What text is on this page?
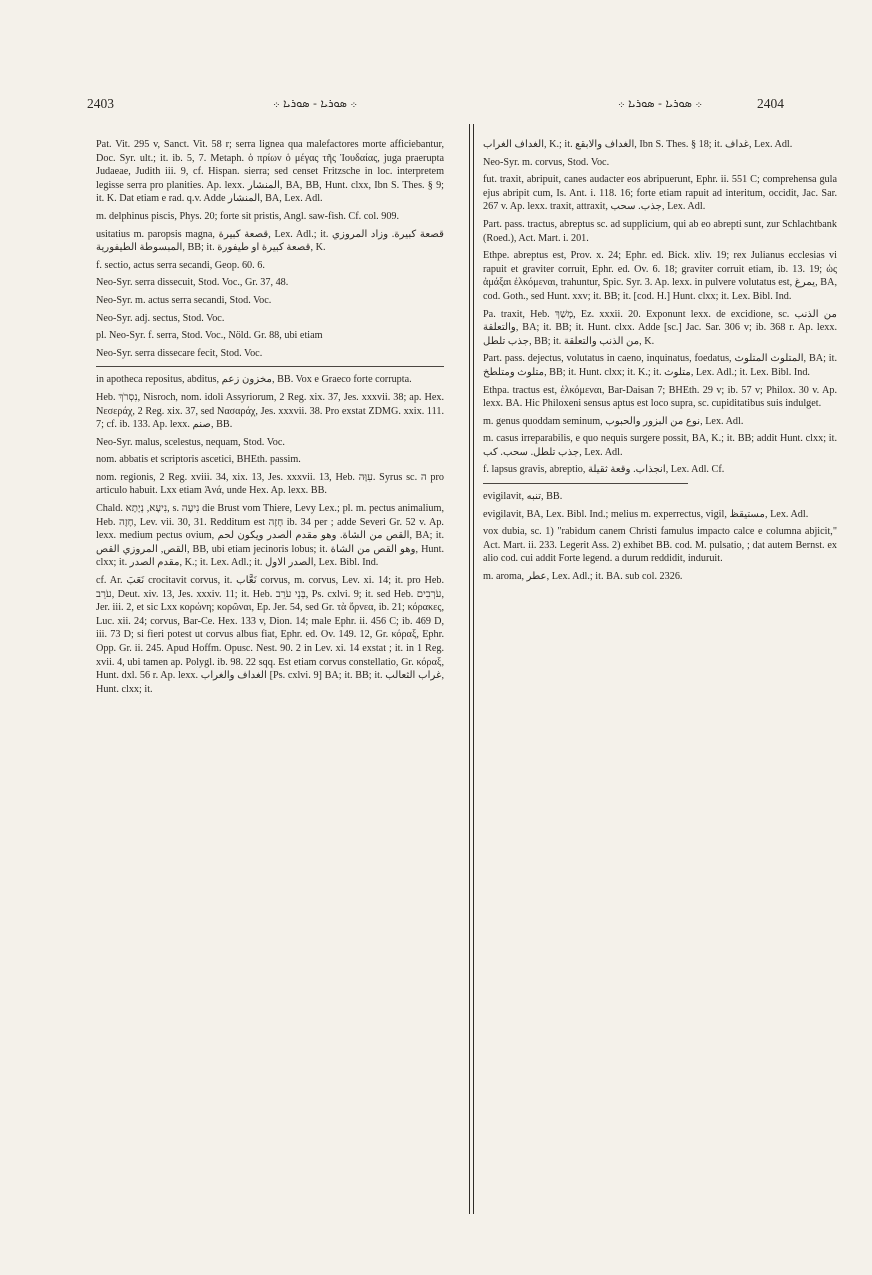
2403	܀ ܣܘܪܝܐ - ܣܘܪܝܐ ܀	܀ ܣܘܪܝܐ - ܣܘܪܝܐ ܀	2404

Pat. Vit. 295 v, Sanct. Vit. 58 r; serra lignea qua malefactores morte afficiebantur, Doc. Syr. ult.; it. ib. 5, 7. Metaph. ὁ πρίων ὁ μέγας τῆς Ἰουδαίας, juga praerupta Judaeae, Judith iii. 9, cf. Hispan. sierra; sed censet Fritzsche in loc. interpretem legisse serra pro planities. Ap. lexx. المنشار, BA, BB, Hunt. clxx, Ibn S. Thes. § 9; it. K. Dat etiam e rad. q.v. Adde المنشار, BA, Lex. Adl.

m. delphinus piscis, Phys. 20; forte sit pristis, Angl. saw-fish. Cf. col. 909.

usitatius m. paropsis magna, قصعة كبيرة, Lex. Adl.; it. قصعة كبيرة. وزاد المروزي المبسوطة الطيفورية, BB; it. قصعة كبيرة او طيفورة, K.

f. sectio, actus serra secandi, Geop. 60. 6.

Neo-Syr. serra dissecuit, Stod. Voc., Gr. 37, 48.

Neo-Syr. m. actus serra secandi, Stod. Voc.

Neo-Syr. adj. sectus, Stod. Voc.

pl. Neo-Syr. f. serra, Stod. Voc., Nöld. Gr. 88, ubi etiam

Neo-Syr. serra dissecare fecit, Stod. Voc.

in apotheca repositus, abditus, مخزون زعم, BB. Vox e Graeco forte corrupta.

Heb. נִסְרֹךְ, Nisroch, nom. idoli Assyriorum, 2 Reg. xix. 37, Jes. xxxvii. 38; ap. Hex. Νεσεράχ, 2 Reg. xix. 37, sed Νασαράχ, Jes. xxxvii. 38. Pro exstat ZDMG. xxix. 111. 7; cf. ib. 133. Ap. lexx. صنم, BB.

Neo-Syr. malus, scelestus, nequam, Stod. Voc.

nom. abbatis et scriptoris ascetici, BHEth. passim.

nom. regionis, 2 Reg. xviii. 34, xix. 13, Jes. xxxvii. 13, Heb. עִוָּה. Syrus sc. ה pro articulo habuit. Lxx etiam Ἀνά, unde Hex. Ap. lexx. BB.

Chald. נִיעָא, נְיָתָא, s. נִיעָה die Brust vom Thiere, Levy Lex.; pl. m. pectus animalium, Heb. חָזֶה, Lev. vii. 30, 31. Redditum est חָזֶה ib. 34 per ; adde Severi Gr. 52 v. Ap. lexx. medium pectus ovium, القص من الشاة. وهو مقدم الصدر ويكون لحم, BA; it. القص, المروزي القص, BB, ubi etiam jecinoris lobus; it. وهو القص من الشاة, Hunt. clxx; it. مقدم الصدر, K.; it. Lex. Adl.; it. الصدر الاول, Lex. Bibl. Ind.

cf. Ar. نَعَبَ crocitavit corvus, it. نَعَّاب corvus, m. corvus, Lev. xi. 14; it. pro Heb. עֹרֵב, Deut. xiv. 13, Jes. xxxiv. 11; it. Heb. בְּנֵי עֹרֵב, Ps. cxlvi. 9; it. sed Heb. עֹרְבִים, Jer. iii. 2, et sic Lxx κορώνη; κορῶναι, Ep. Jer. 54, sed Gr. τὰ ὄρνεα, ib. 21; κόρακες, Luc. xii. 24; corvus, Bar-Ce. Hex. 133 v, Dion. 14; male Ephr. ii. 456 C; ib. 469 D, iii. 73 D; si fieri potest ut corvus albus fiat, Ephr. ed. Ov. 149. 12, Gr. κόραξ, Ephr. Opp. Gr. ii. 245. Apud Hoffm. Opusc. Nest. 90. 2 in Lev. xi. 14 exstat ; it. in 1 Reg. xvii. 4, ubi tamen ap. Polygl. ib. 98. 22 sqq. Est etiam corvus constellatio, Gr. κόραξ, Hunt. dxl. 56 r. Ap. lexx. الغداف والغراب [Ps. cxlvi. 9] BA; it. BB; it. غراب الثعالب, Hunt. clxx; it.

الغداف الغراب, K.; it. الغداف والابقع, Ibn S. Thes. § 18; it. غداف, Lex. Adl.

Neo-Syr. m. corvus, Stod. Voc.

fut. traxit, abripuit, canes audacter eos abripuerunt, Ephr. ii. 551 C; comprehensa gula ejus abripit cum, Is. Ant. i. 118. 16; forte etiam rapuit ad interitum, occidit, Jac. Sar. 267 v. Ap. lexx. traxit, attraxit, جذب. سحب, Lex. Adl.

Part. pass. tractus, abreptus sc. ad supplicium, qui ab eo abrepti sunt, zur Schlachtbank (Roed.), Act. Mart. i. 201.

Ethpe. abreptus est, Prov. x. 24; Ephr. ed. Bick. xliv. 19; rex Julianus ecclesias vi rapuit et graviter corruit, Ephr. ed. Ov. 6. 18; graviter corruit etiam, ib. 13. 19; ὡς ἀμάξαι ἑλκόμεναι, trahuntur, Spic. Syr. 3. Ap. lexx. in pulvere volutatus est, يمرغ, BA, cod. Goth., sed Hunt. xxv; it. BB; it. [cod. H.] Hunt. clxx; it. Lex. Bibl. Ind.

Pa. traxit, Heb. מָשַׁךְ, Ez. xxxii. 20. Exponunt lexx. de excidione, sc. من الذنب والتعلقة, BA; it. BB; it. Hunt. clxx. Adde [sc.] Jac. Sar. 306 v; ib. 368 r. Ap. lexx. جذب تلطل, BB; it. من الذنب والتعلقة, K.

Part. pass. dejectus, volutatus in caeno, inquinatus, foedatus, المتلوث المتلوث, BA; it. متلوث ومتلطخ, BB; it. Hunt. clxx; it. K.; it. متلوث, Lex. Adl.; it. Lex. Bibl. Ind.

Ethpa. tractus est, ἑλκόμεναι, Bar-Daisan 7; BHEth. 29 v; ib. 57 v; Philox. 30 v. Ap. lexx. BA. Hic Philoxeni sensus aptus est loco supra, sc. cupiditatibus suis indulget.

m. genus quoddam seminum, نوع من البزور والحبوب, Lex. Adl.

m. casus irreparabilis, e quo nequis surgere possit, BA, K.; it. BB; addit Hunt. clxx; it. جذب تلطل. سحب. كب, Lex. Adl.

f. lapsus gravis, abreptio, انجذاب. وقعة ثقيلة, Lex. Adl. Cf.

evigilavit, تنبه, BB.

evigilavit, BA, Lex. Bibl. Ind.; melius m. experrectus, vigil, مستيقظ, Lex. Adl.

vox dubia, sc. 1) "rabidum canem Christi famulus impacto calce e columna abjicit," Act. Mart. ii. 233. Legerit Ass. 2) exhibet BB. cod. M. pulsatio, ; dat autem Bernst. ex alio cod. cui addit Forte legend. a durum reddidit, induruit.

m. aroma, عطر, Lex. Adl.; it. BA. sub col. 2326.
